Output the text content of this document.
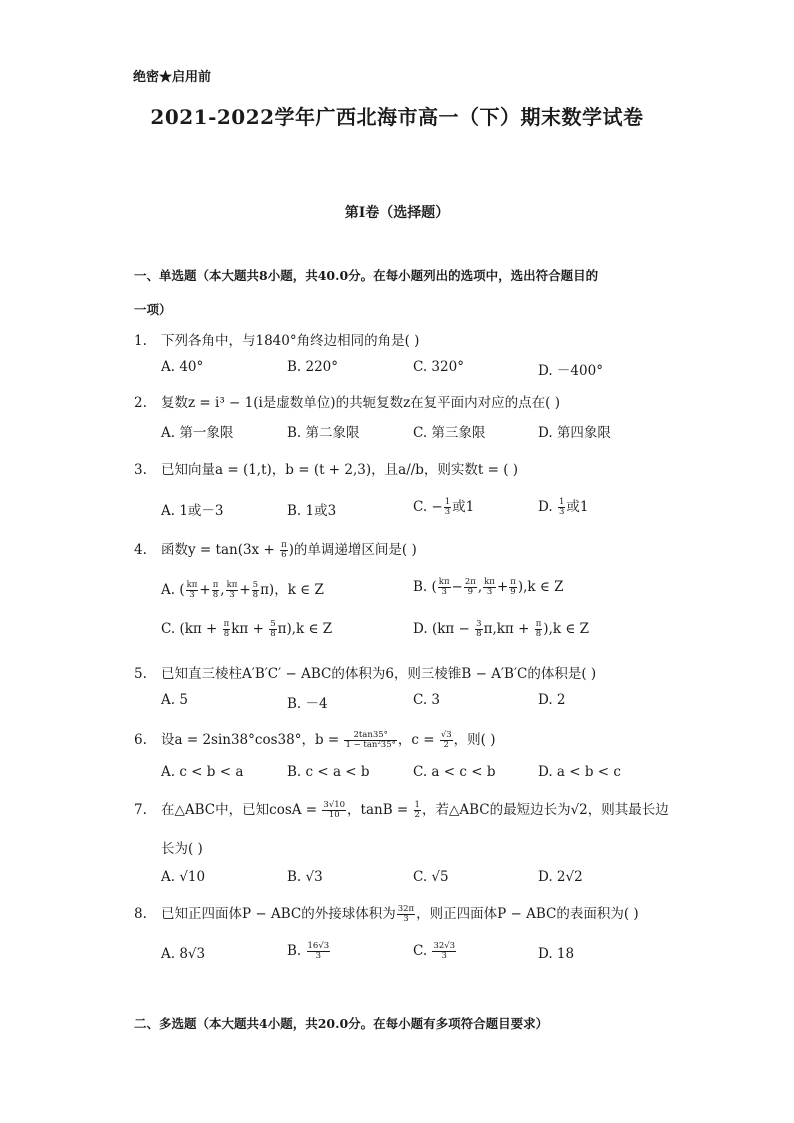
绝密★启用前
2021-2022学年广西北海市高一（下）期末数学试卷
第I卷（选择题）
一、单选题（本大题共8小题，共40.0分。在每小题列出的选项中，选出符合题目的
一项）
1. 下列各角中，与1840°角终边相同的角是( )
A. 40°	B. 220°	C. 320°	D. －400°
2. 复数z = i³ − 1(i是虚数单位)的共轭复数z在复平面内对应的点在( )
A. 第一象限	B. 第二象限	C. 第三象限	D. 第四象限
3. 已知向量a = (1,t)，b = (t + 2,3)，且a//b，则实数t = ( )
A. 1或－3	B. 1或3	C. − $\frac{1}{3}$ 或1	D. $\frac{1}{3}$ 或1
4. 函数$y = \tan(3x + \frac{\pi}{6}$ )的单调递增区间是( )
A. ( $\frac{k\pi}{3} + \frac{\pi}{8}$ , $\frac{k\pi}{3} + \frac{5}{8} \pi$)，k ∈ Z	B. ( $\frac{k\pi}{3} - \frac{2\pi}{9}$ , $\frac{k\pi}{3} + \frac{\pi}{9} ),k$ ∈ Z
C. ($k\pi + \frac{\pi}{8}$ $k\pi + \frac{5}{8} \pi),k$ ∈ Z	D. $(k\pi - \frac{3}{8} \pi,k\pi + \frac{\pi}{8} ),k$ ∈ Z
5. 已知直三棱柱A′B′C′ − ABC的体积为6，则三棱锥B − A′B′C的体积是( )
A. 5	B. －4	C. 3	D. 2
6. 设a = 2sin38°cos38°，$b = \frac{2\tan 35^\circ}{\text{1 − tan²35°}}$ ，$c = \frac{√3}{2}$ ，则( )
A. c < b < a	B. c < a < b	C. a < c < b	D. a < b < c
7. 在△ABC中，已知$\cos A = \frac{3√10}{10}$ ，$\tan B = \frac{1}{2}$ ，若△ABC的最短边长为√2，则其最长边
长为( )
A. √10	B. √3	C. √5	D. 2√2
8. 已知正四面体P − ABC的外接球体积为 $\frac{32\pi}{3}$ ，则正四面体P − ABC的表面积为( )
A. 8√3	B. $\frac{16√3}{3}$	C. $\frac{32√3}{3}$	D. 18
二、多选题（本大题共4小题，共20.0分。在每小题有多项符合题目要求）
